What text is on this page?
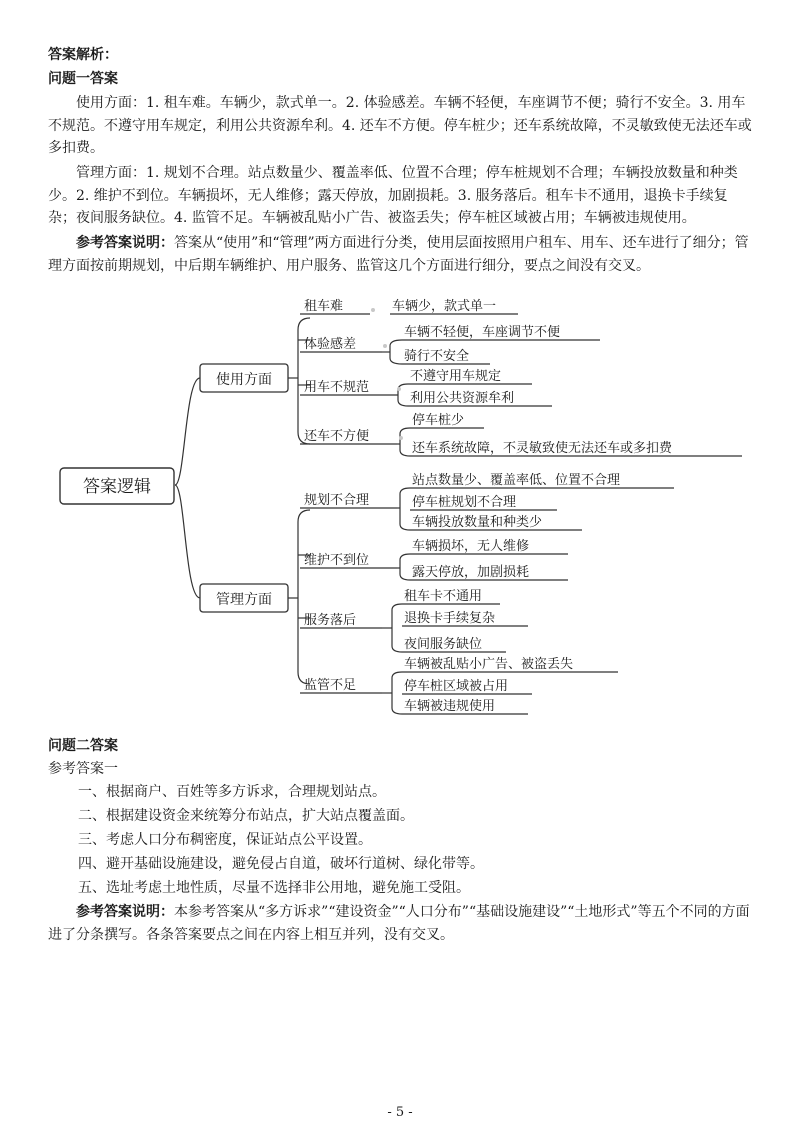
答案解析：

问题一答案

使用方面：1. 租车难。车辆少，款式单一。2. 体验感差。车辆不轻便，车座调节不便；骑行不安全。3. 用车不规范。不遵守用车规定，利用公共资源牟利。4. 还车不方便。停车桩少；还车系统故障，不灵敏致使无法还车或多扣费。

管理方面：1. 规划不合理。站点数量少、覆盖率低、位置不合理；停车桩规划不合理；车辆投放数量和种类少。2. 维护不到位。车辆损坏，无人维修；露天停放，加剧损耗。3. 服务落后。租车卡不通用，退换卡手续复杂；夜间服务缺位。4. 监管不足。车辆被乱贴小广告、被盗丢失；停车桩区域被占用；车辆被违规使用。

参考答案说明：答案从“使用”和“管理”两方面进行分类，使用层面按照用户租车、用车、还车进行了细分；管理方面按前期规划，中后期车辆维护、用户服务、监管这几个方面进行细分，要点之间没有交叉。

答案逻辑
使用方面
管理方面
租车难	车辆少，款式单一
体验感差
车辆不轻便，车座调节不便
骑行不安全
用车不规范
不遵守用车规定
利用公共资源牟利
还车不方便
停车桩少
还车系统故障，不灵敏致使无法还车或多扣费
规划不合理
站点数量少、覆盖率低、位置不合理
停车桩规划不合理
车辆投放数量和种类少
维护不到位
车辆损坏，无人维修
露天停放，加剧损耗
服务落后
租车卡不通用
退换卡手续复杂
夜间服务缺位
监管不足
车辆被乱贴小广告、被盗丢失
停车桩区域被占用
车辆被违规使用

问题二答案

参考答案一

一、根据商户、百姓等多方诉求，合理规划站点。

二、根据建设资金来统筹分布站点，扩大站点覆盖面。

三、考虑人口分布稠密度，保证站点公平设置。

四、避开基础设施建设，避免侵占自道，破坏行道树、绿化带等。

五、选址考虑土地性质，尽量不选择非公用地，避免施工受阻。

参考答案说明：本参考答案从“多方诉求”“建设资金”“人口分布”“基础设施建设”“土地形式”等五个不同的方面进了分条撰写。各条答案要点之间在内容上相互并列，没有交叉。

- 5 -
